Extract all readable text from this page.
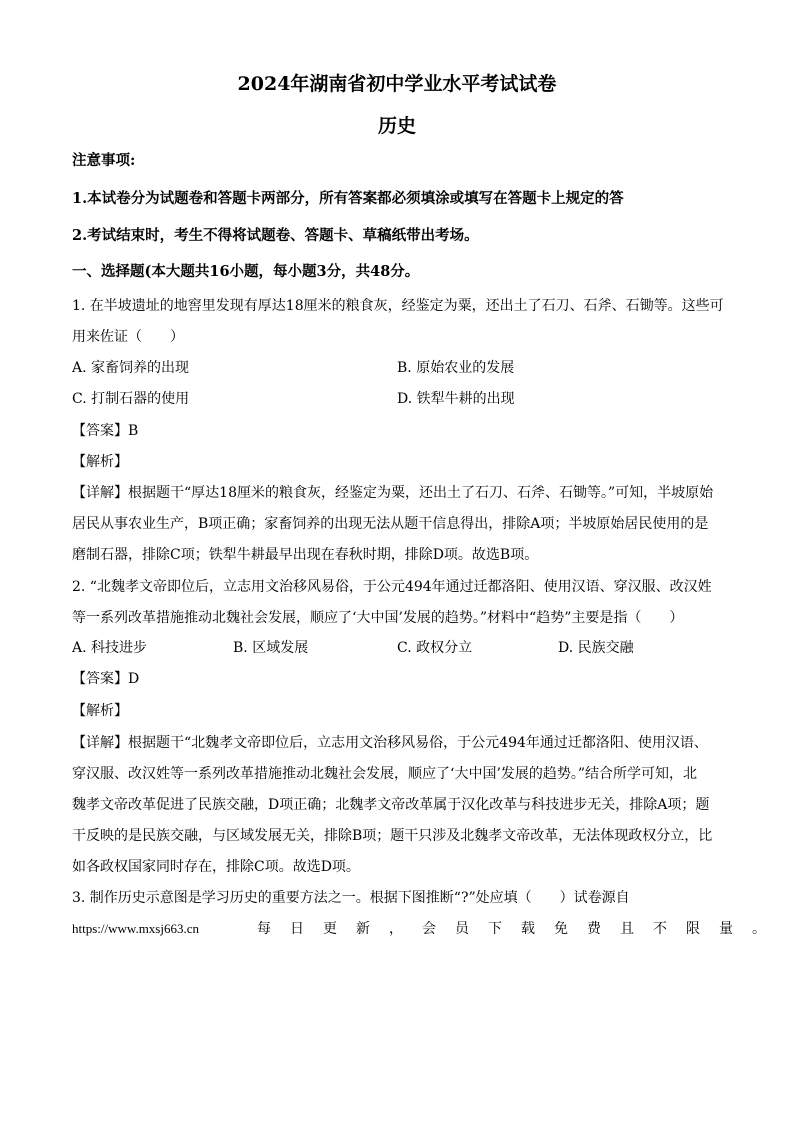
2024年湖南省初中学业水平考试试卷
历史
注意事项:
1.本试卷分为试题卷和答题卡两部分，所有答案都必须填涂或填写在答题卡上规定的答
2.考试结束时，考生不得将试题卷、答题卡、草稿纸带出考场。
一、选择题(本大题共16小题，每小题3分，共48分。
1. 在半坡遗址的地窖里发现有厚达18厘米的粮食灰，经鉴定为粟，还出土了石刀、石斧、石锄等。这些可
用来佐证（　　）
A. 家畜饲养的出现	B. 原始农业的发展
C. 打制石器的使用	D. 铁犁牛耕的出现
【答案】B
【解析】
【详解】根据题干“厚达18厘米的粮食灰，经鉴定为粟，还出土了石刀、石斧、石锄等。”可知，半坡原始
居民从事农业生产，B项正确；家畜饲养的出现无法从题干信息得出，排除A项；半坡原始居民使用的是
磨制石器，排除C项；铁犁牛耕最早出现在春秋时期，排除D项。故选B项。
2. “北魏孝文帝即位后，立志用文治移风易俗，于公元494年通过迁都洛阳、使用汉语、穿汉服、改汉姓
等一系列改革措施推动北魏社会发展，顺应了‘大中国’发展的趋势。”材料中“趋势”主要是指（　　）
A. 科技进步	B. 区域发展	C. 政权分立	D. 民族交融
【答案】D
【解析】
【详解】根据题干“北魏孝文帝即位后，立志用文治移风易俗，于公元494年通过迁都洛阳、使用汉语、
穿汉服、改汉姓等一系列改革措施推动北魏社会发展，顺应了‘大中国’发展的趋势。”结合所学可知，北
魏孝文帝改革促进了民族交融，D项正确；北魏孝文帝改革属于汉化改革与科技进步无关，排除A项；题
干反映的是民族交融，与区域发展无关，排除B项；题干只涉及北魏孝文帝改革，无法体现政权分立，比
如各政权国家同时存在，排除C项。故选D项。
3. 制作历史示意图是学习历史的重要方法之一。根据下图推断“?”处应填（　　）试卷源自
https://www.mxsj663.cn	每日更新，会员下载免费且不限量。
